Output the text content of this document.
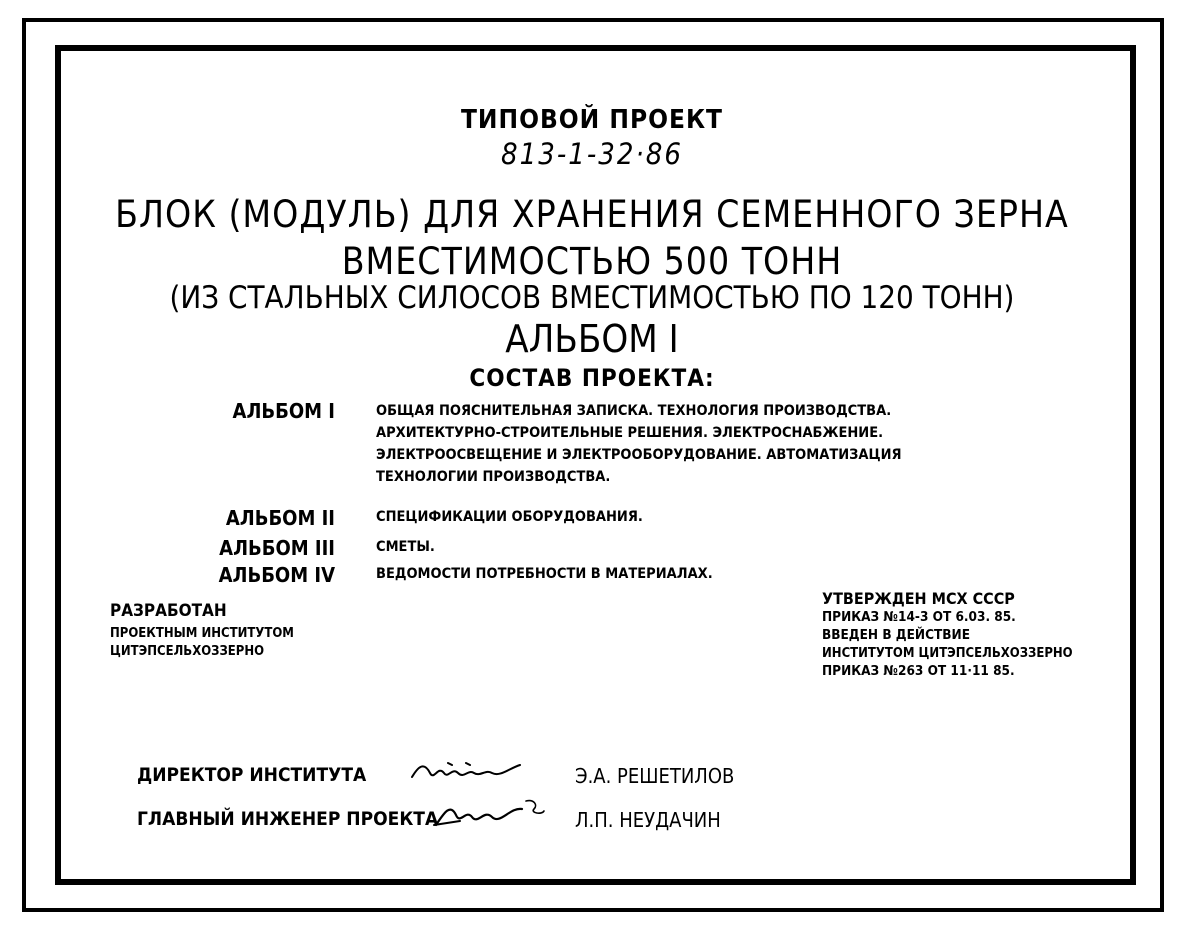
ТИПОВОЙ ПРОЕКТ
813-1-32·86
БЛОК (МОДУЛЬ) ДЛЯ ХРАНЕНИЯ СЕМЕННОГО ЗЕРНА
ВМЕСТИМОСТЬЮ 500 ТОНН
(ИЗ СТАЛЬНЫХ СИЛОСОВ ВМЕСТИМОСТЬЮ ПО 120 ТОНН)
АЛЬБОМ I
СОСТАВ ПРОЕКТА:
АЛЬБОМ I	ОБЩАЯ ПОЯСНИТЕЛЬНАЯ ЗАПИСКА. ТЕХНОЛОГИЯ ПРОИЗВОДСТВА.
АРХИТЕКТУРНО-СТРОИТЕЛЬНЫЕ РЕШЕНИЯ. ЭЛЕКТРОСНАБЖЕНИЕ.
ЭЛЕКТРООСВЕЩЕНИЕ И ЭЛЕКТРООБОРУДОВАНИЕ. АВТОМАТИЗАЦИЯ
ТЕХНОЛОГИИ ПРОИЗВОДСТВА.
АЛЬБОМ II	СПЕЦИФИКАЦИИ ОБОРУДОВАНИЯ.
АЛЬБОМ III	СМЕТЫ.
АЛЬБОМ IV	ВЕДОМОСТИ ПОТРЕБНОСТИ В МАТЕРИАЛАХ.
РАЗРАБОТАН
ПРОЕКТНЫМ ИНСТИТУТОМ
ЦИТЭПСЕЛЬХОЗЗЕРНО
УТВЕРЖДЕН МСХ СССР
ПРИКАЗ №14-3 ОТ 6.03. 85.
ВВЕДЕН В ДЕЙСТВИЕ
ИНСТИТУТОМ ЦИТЭПСЕЛЬХОЗЗЕРНО
ПРИКАЗ №263 ОТ 11·11 85.
ДИРЕКТОР ИНСТИТУТА	Э.А. РЕШЕТИЛОВ
ГЛАВНЫЙ ИНЖЕНЕР ПРОЕКТА	Л.П. НЕУДАЧИН
